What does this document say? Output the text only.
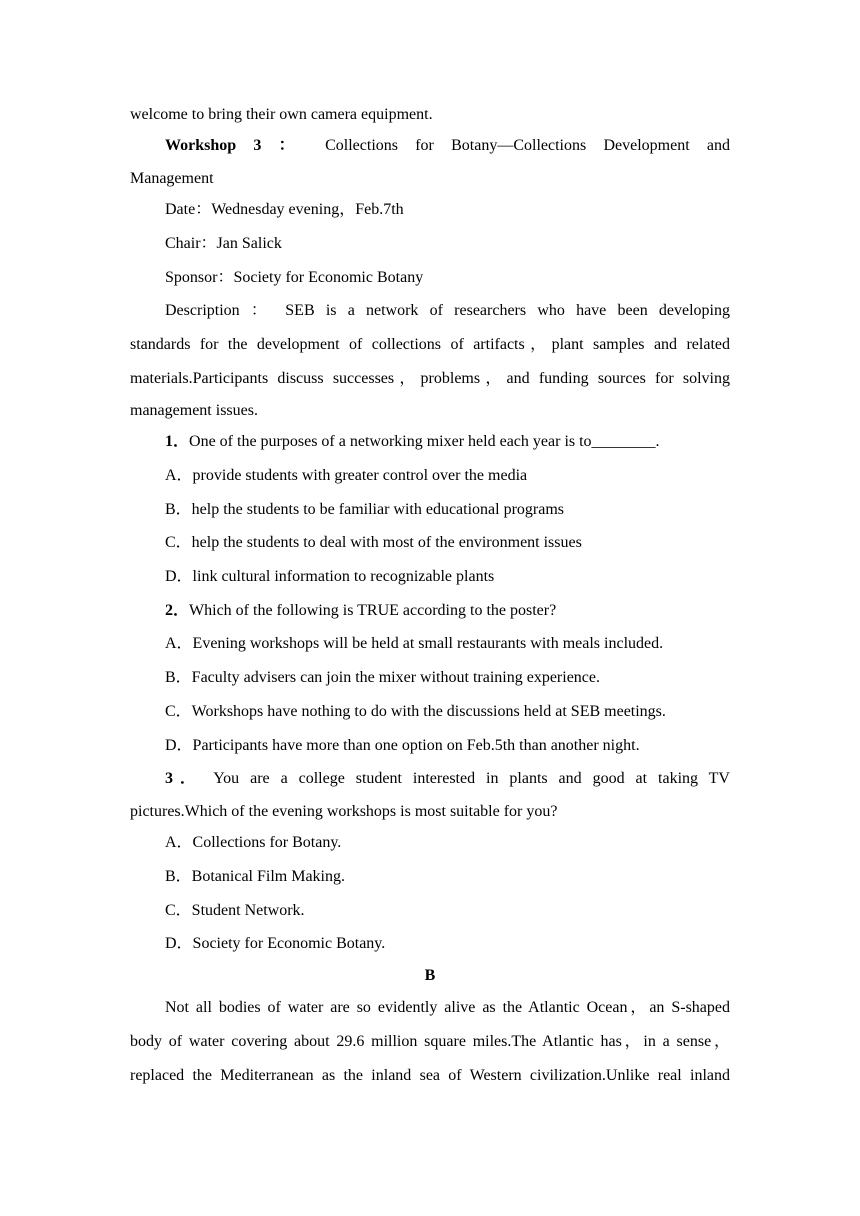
welcome to bring their own camera equipment.
Workshop 3 ： Collections for Botany—Collections Development and
Management
Date：Wednesday evening，Feb.7th
Chair：Jan Salick
Sponsor：Society for Economic Botany
Description ： SEB is a network of researchers who have been developing
standards for the development of collections of artifacts，plant samples and related
materials.Participants discuss successes，problems，and funding sources for solving
management issues.
1．One of the purposes of a networking mixer held each year is to________.
A．provide students with greater control over the media
B．help the students to be familiar with educational programs
C．help the students to deal with most of the environment issues
D．link cultural information to recognizable plants
2．Which of the following is TRUE according to the poster?
A．Evening workshops will be held at small restaurants with meals included.
B．Faculty advisers can join the mixer without training experience.
C．Workshops have nothing to do with the discussions held at SEB meetings.
D．Participants have more than one option on Feb.5th than another night.
3． You are a college student interested in plants and good at taking TV
pictures.Which of the evening workshops is most suitable for you?
A．Collections for Botany.
B．Botanical Film Making.
C．Student Network.
D．Society for Economic Botany.
B
Not all bodies of water are so evidently alive as the Atlantic Ocean，an S‑shaped
body of water covering about 29.6 million square miles.The Atlantic has，in a sense，
replaced the Mediterranean as the inland sea of Western civilization.Unlike real inland
